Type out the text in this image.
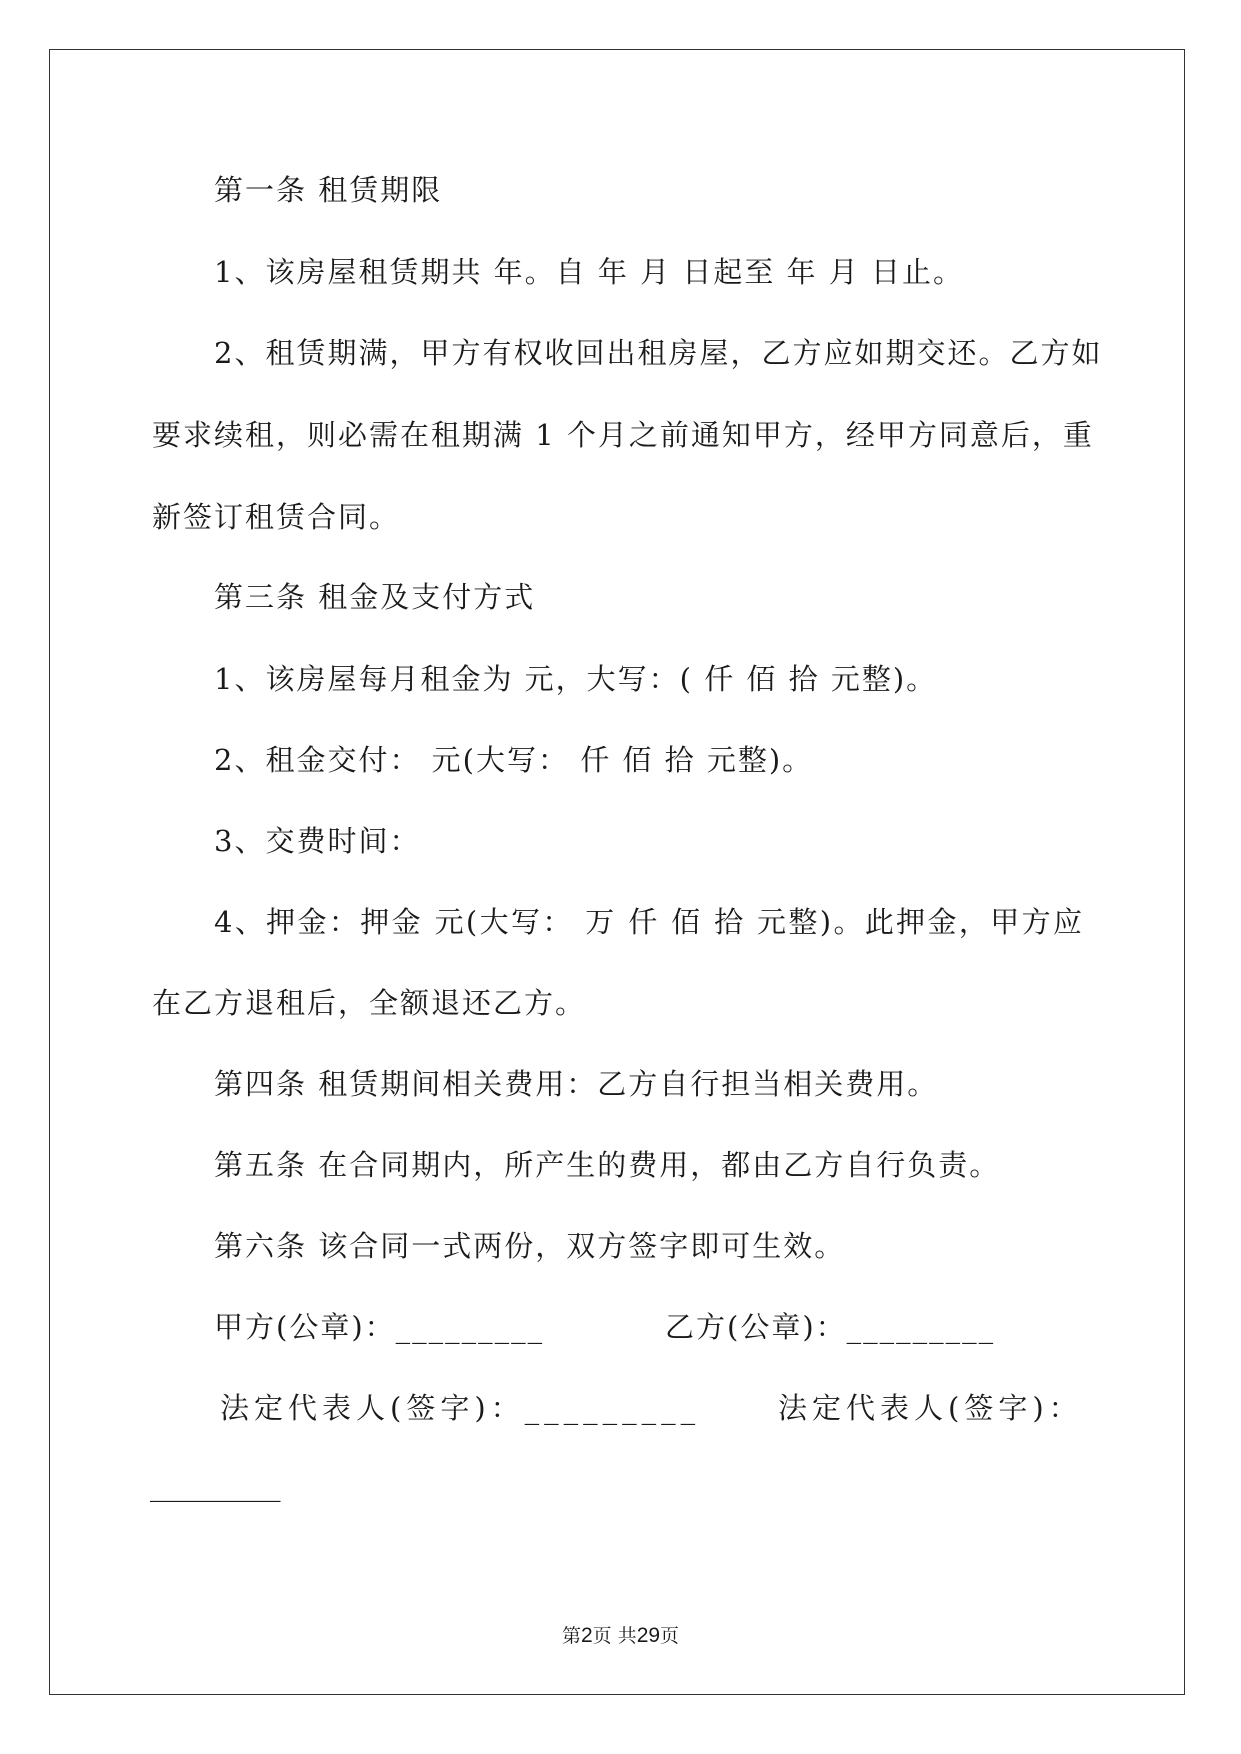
第一条 租赁期限
1、该房屋租赁期共 年。自 年 月 日起至 年 月 日止。
2、租赁期满，甲方有权收回出租房屋，乙方应如期交还。乙方如
要求续租，则必需在租期满 1 个月之前通知甲方，经甲方同意后，重
新签订租赁合同。
第三条 租金及支付方式
1、该房屋每月租金为 元，大写：( 仟 佰 拾 元整)。
2、租金交付： 元(大写： 仟 佰 拾 元整)。
3、交费时间：
4、押金：押金 元(大写： 万 仟 佰 拾 元整)。此押金，甲方应
在乙方退租后，全额退还乙方。
第四条 租赁期间相关费用：乙方自行担当相关费用。
第五条 在合同期内，所产生的费用，都由乙方自行负责。
第六条 该合同一式两份，双方签字即可生效。
甲方(公章)：_________	乙方(公章)：_________
法定代表人(签字)：_________	法定代表人(签字)：
_________
第2页 共29页
